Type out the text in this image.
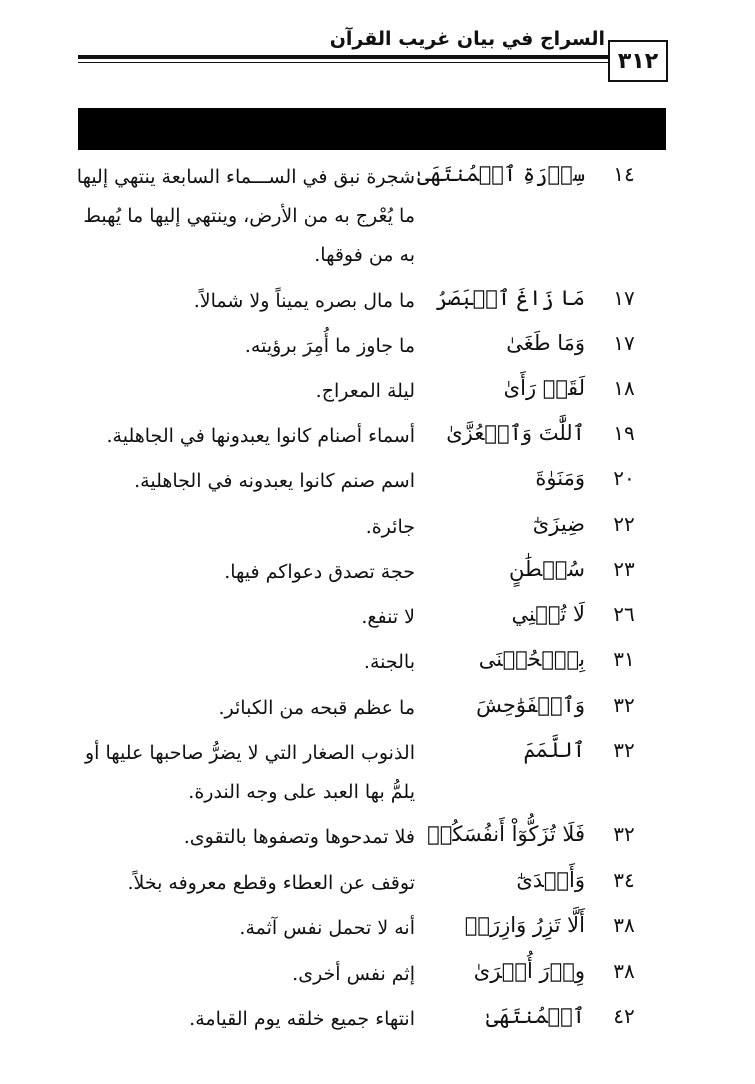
السراج في بيان غريب القرآن
٣١٢
١٤
سِدۡرَةِ ٱلۡمُنتَهَىٰ
شجرة نبق في الســـماء السابعة ينتهي إليها ما يُعْرج به من الأرض، وينتهي إليها ما يُهبط به من فوقها.
١٧
مَا زَاغَ ٱلۡبَصَرُ
ما مال بصره يميناً ولا شمالاً.
١٧
وَمَا طَغَىٰ
ما جاوز ما أُمِرَ برؤيته.
١٨
لَقَدۡ رَأَىٰ
ليلة المعراج.
١٩
ٱللَّٰتَ وَٱلۡعُزَّىٰ
أسماء أصنام كانوا يعبدونها في الجاهلية.
٢٠
وَمَنَوٰةَ
اسم صنم كانوا يعبدونه في الجاهلية.
٢٢
ضِيزَىٰٓ
جائرة.
٢٣
سُلۡطَٰنٍ
حجة تصدق دعواكم فيها.
٢٦
لَا تُغۡنِي
لا تنفع.
٣١
بِٱلۡحُسۡنَى
بالجنة.
٣٢
وَٱلۡفَوَٰحِشَ
ما عظم قبحه من الكبائر.
٣٢
ٱللَّمَمَ
الذنوب الصغار التي لا يضرُّ صاحبها عليها أو يلمُّ بها العبد على وجه الندرة.
٣٢
فَلَا تُزَكُّوٓاْ أَنفُسَكُمۡ
فلا تمدحوها وتصفوها بالتقوى.
٣٤
وَأَكۡدَىٰٓ
توقف عن العطاء وقطع معروفه بخلاً.
٣٨
أَلَّا تَزِرُ وَازِرَةٞ
أنه لا تحمل نفس آثمة.
٣٨
وِزۡرَ أُخۡرَىٰ
إثم نفس أخرى.
٤٢
ٱلۡمُنتَهَىٰ
انتهاء جميع خلقه يوم القيامة.
